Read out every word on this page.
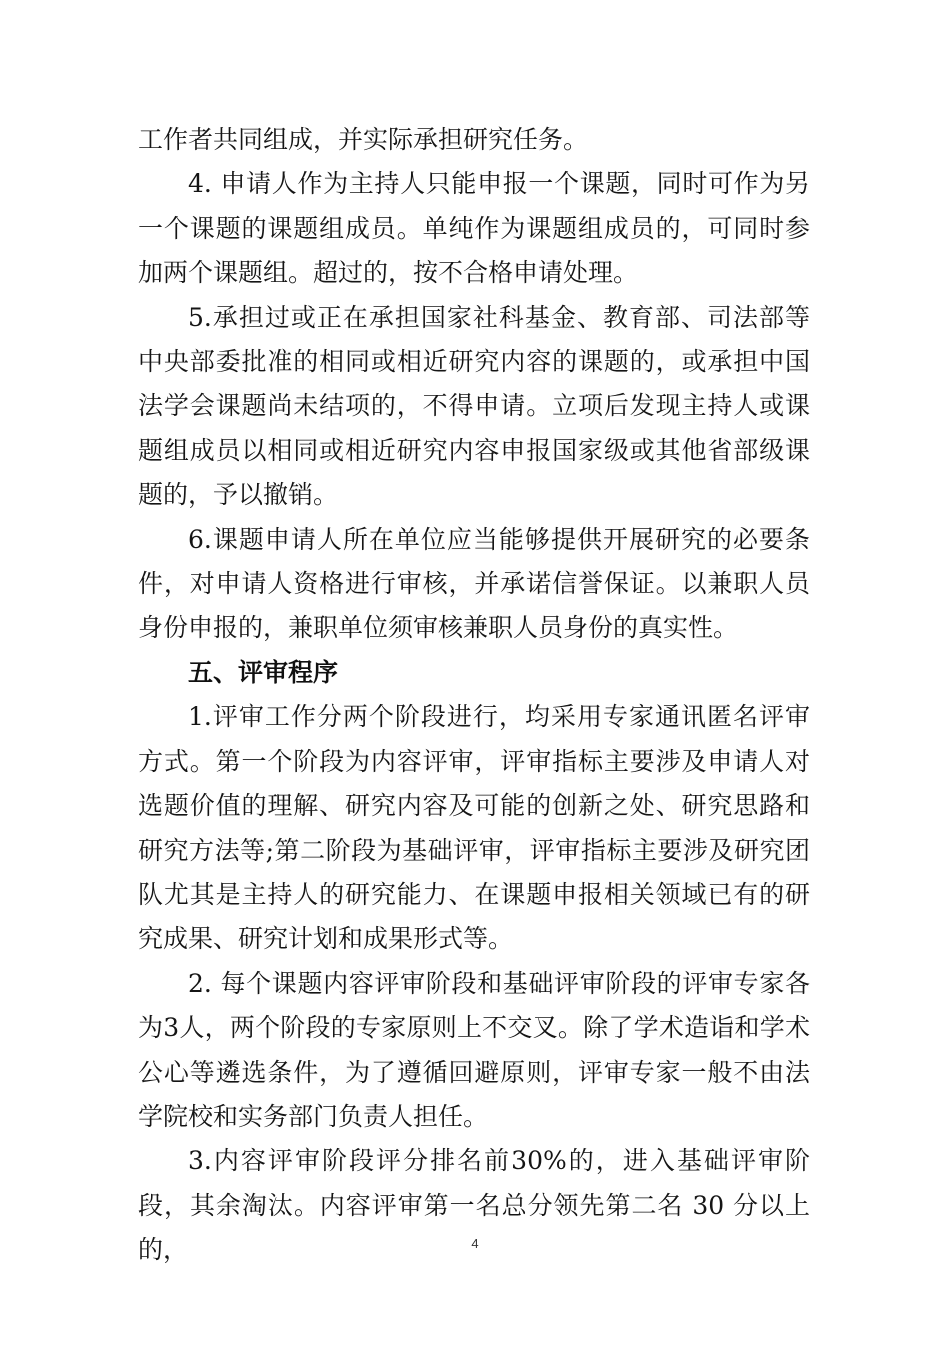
工作者共同组成，并实际承担研究任务。

4. 申请人作为主持人只能申报一个课题，同时可作为另一个课题的课题组成员。单纯作为课题组成员的，可同时参加两个课题组。超过的，按不合格申请处理。

5.承担过或正在承担国家社科基金、教育部、司法部等中央部委批准的相同或相近研究内容的课题的，或承担中国法学会课题尚未结项的，不得申请。立项后发现主持人或课题组成员以相同或相近研究内容申报国家级或其他省部级课题的，予以撤销。

6.课题申请人所在单位应当能够提供开展研究的必要条件，对申请人资格进行审核，并承诺信誉保证。以兼职人员身份申报的，兼职单位须审核兼职人员身份的真实性。

五、评审程序

1.评审工作分两个阶段进行，均采用专家通讯匿名评审方式。第一个阶段为内容评审，评审指标主要涉及申请人对选题价值的理解、研究内容及可能的创新之处、研究思路和研究方法等;第二阶段为基础评审，评审指标主要涉及研究团队尤其是主持人的研究能力、在课题申报相关领域已有的研究成果、研究计划和成果形式等。

2. 每个课题内容评审阶段和基础评审阶段的评审专家各为3人，两个阶段的专家原则上不交叉。除了学术造诣和学术公心等遴选条件，为了遵循回避原则，评审专家一般不由法学院校和实务部门负责人担任。

3.内容评审阶段评分排名前30%的，进入基础评审阶段，其余淘汰。内容评审第一名总分领先第二名 30 分以上的，	4
